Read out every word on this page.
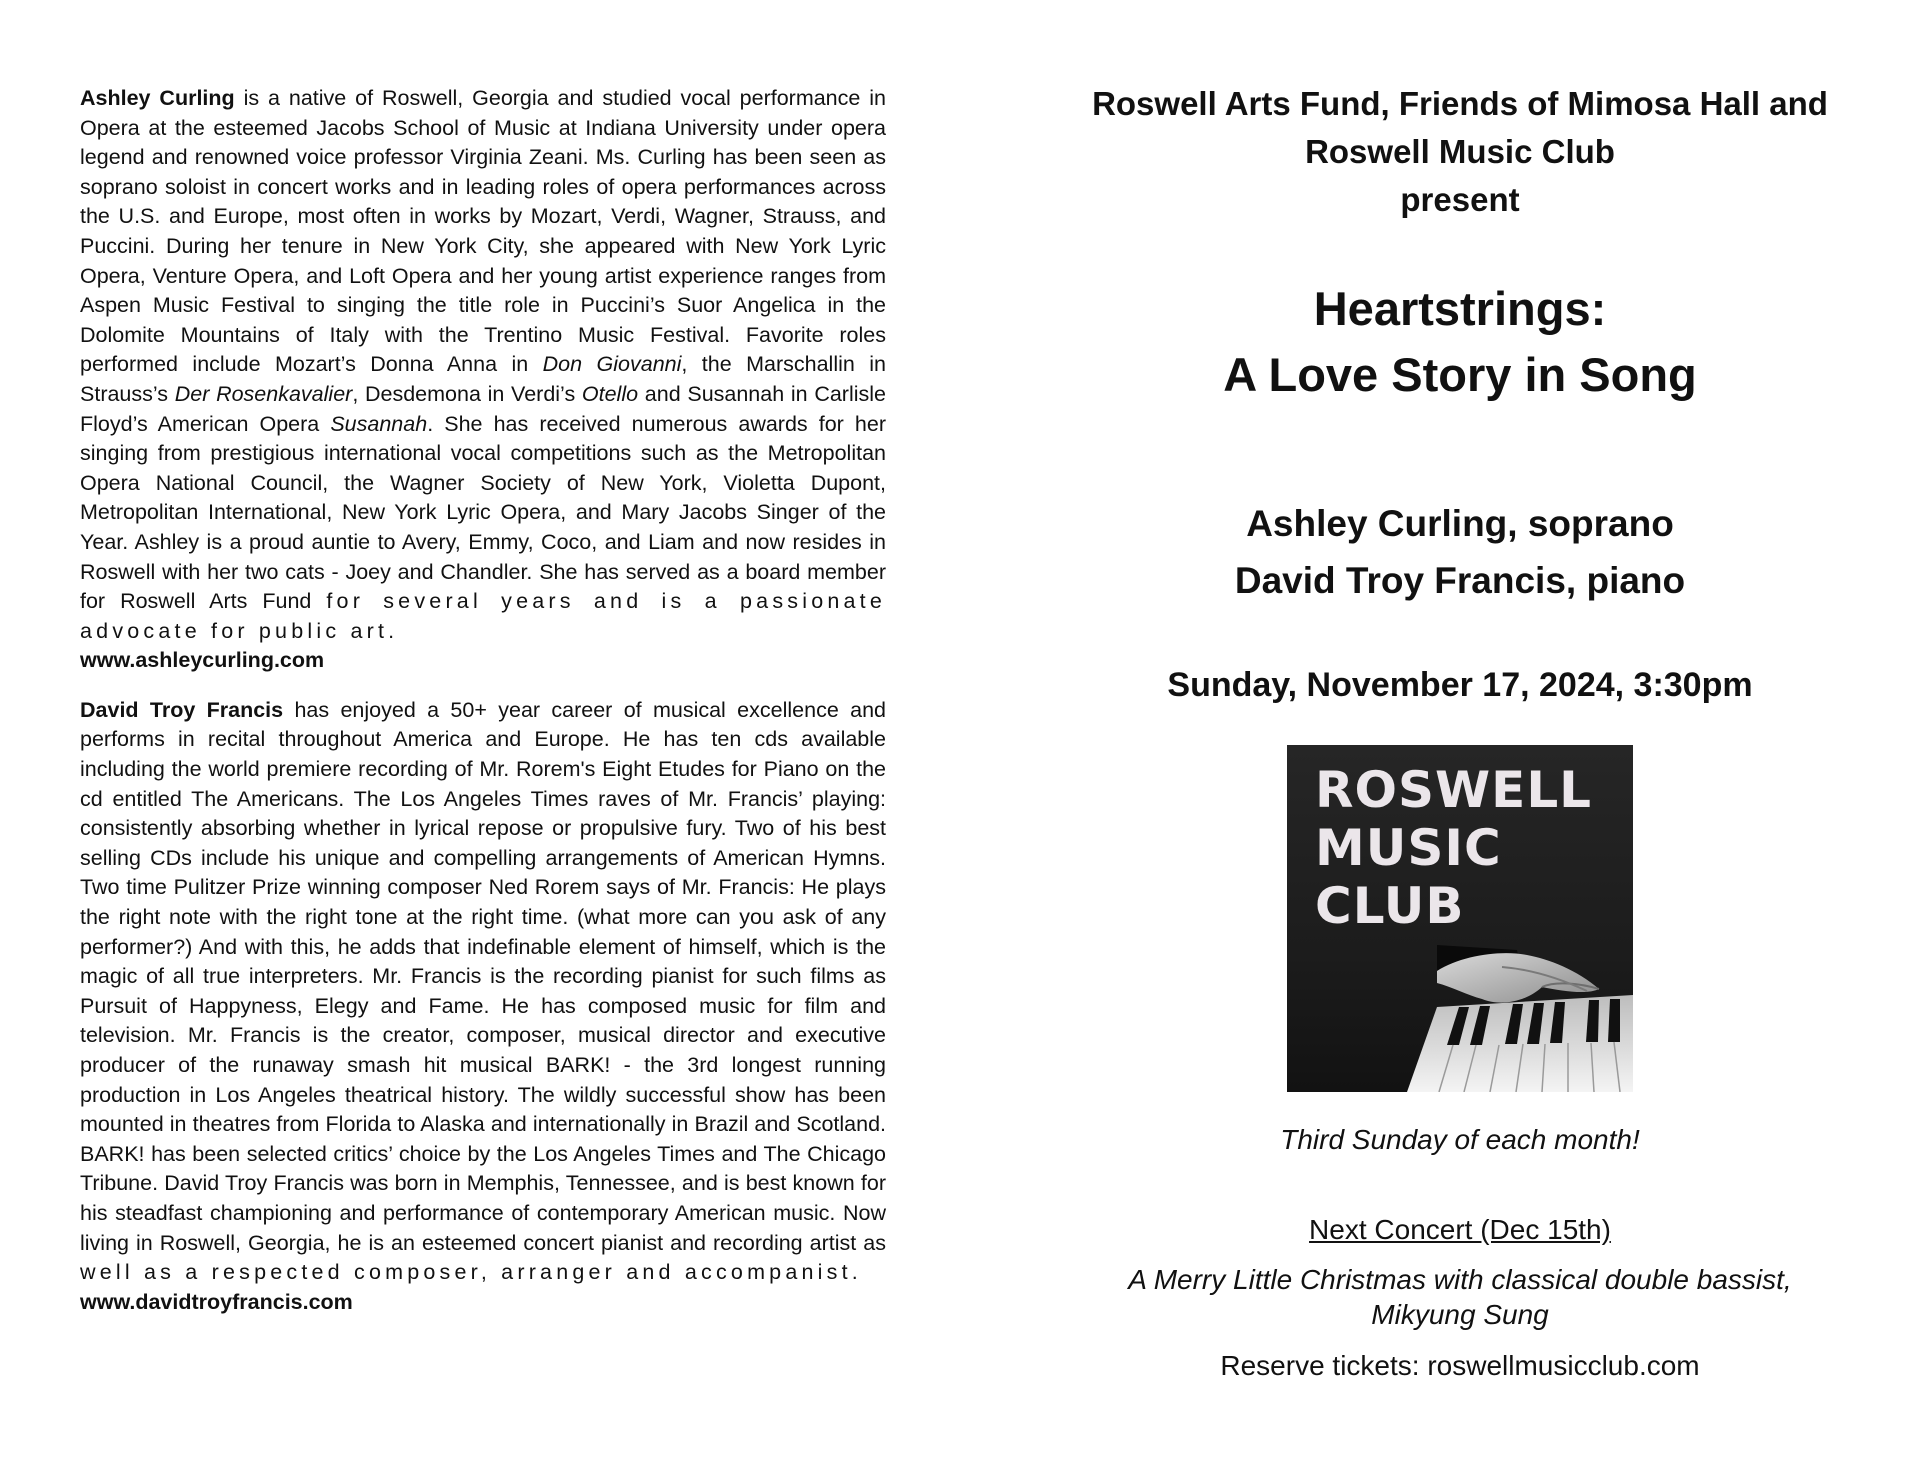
Ashley Curling is a native of Roswell, Georgia and studied vocal performance in Opera at the esteemed Jacobs School of Music at Indiana University under opera legend and renowned voice professor Virginia Zeani. Ms. Curling has been seen as soprano soloist in concert works and in leading roles of opera performances across the U.S. and Europe, most often in works by Mozart, Verdi, Wagner, Strauss, and Puccini. During her tenure in New York City, she appeared with New York Lyric Opera, Venture Opera, and Loft Opera and her young artist experience ranges from Aspen Music Festival to singing the title role in Puccini’s Suor Angelica in the Dolomite Mountains of Italy with the Trentino Music Festival. Favorite roles performed include Mozart’s Donna Anna in Don Giovanni, the Marschallin in Strauss’s Der Rosenkavalier, Desdemona in Verdi’s Otello and Susannah in Carlisle Floyd’s American Opera Susannah. She has received numerous awards for her singing from prestigious international vocal competitions such as the Metropolitan Opera National Council, the Wagner Society of New York, Violetta Dupont, Metropolitan International, New York Lyric Opera, and Mary Jacobs Singer of the Year. Ashley is a proud auntie to Avery, Emmy, Coco, and Liam and now resides in Roswell with her two cats - Joey and Chandler. She has served as a board member for Roswell Arts Fund for several years and is a passionate advocate for public art.
www.ashleycurling.com

David Troy Francis has enjoyed a 50+ year career of musical excellence and performs in recital throughout America and Europe. He has ten cds available including the world premiere recording of Mr. Rorem's Eight Etudes for Piano on the cd entitled The Americans. The Los Angeles Times raves of Mr. Francis’ playing: consistently absorbing whether in lyrical repose or propulsive fury. Two of his best selling CDs include his unique and compelling arrangements of American Hymns. Two time Pulitzer Prize winning composer Ned Rorem says of Mr. Francis: He plays the right note with the right tone at the right time. (what more can you ask of any performer?) And with this, he adds that indefinable element of himself, which is the magic of all true interpreters. Mr. Francis is the recording pianist for such films as Pursuit of Happyness, Elegy and Fame. He has composed music for film and television. Mr. Francis is the creator, composer, musical director and executive producer of the runaway smash hit musical BARK! - the 3rd longest running production in Los Angeles theatrical history. The wildly successful show has been mounted in theatres from Florida to Alaska and internationally in Brazil and Scotland. BARK! has been selected critics’ choice by the Los Angeles Times and The Chicago Tribune. David Troy Francis was born in Memphis, Tennessee, and is best known for his steadfast championing and performance of contemporary American music. Now living in Roswell, Georgia, he is an esteemed concert pianist and recording artist as well as a respected composer, arranger and accompanist.
www.davidtroyfrancis.com

Roswell Arts Fund, Friends of Mimosa Hall and
Roswell Music Club
present

Heartstrings:
A Love Story in Song

Ashley Curling, soprano
David Troy Francis, piano

Sunday, November 17, 2024, 3:30pm

ROSWELL
MUSIC
CLUB

Third Sunday of each month!

Next Concert (Dec 15th)

A Merry Little Christmas with classical double bassist,
Mikyung Sung

Reserve tickets: roswellmusicclub.com
